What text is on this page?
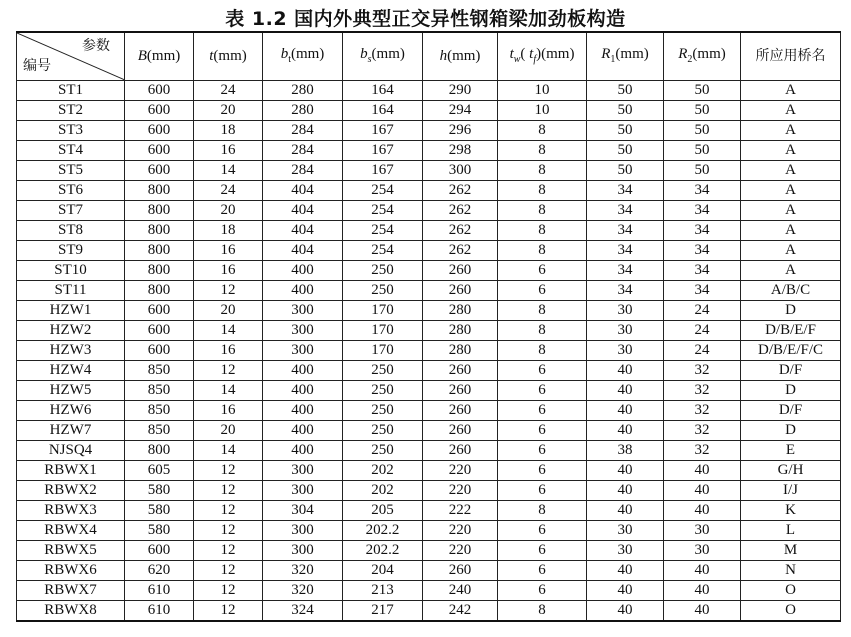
表 1.2 国内外典型正交异性钢箱梁加劲板构造
参数
编号	B(mm)	t(mm)	$b_t(mm)$	$b_s(mm)$	h(mm)	$t_w$( $t_f)(mm)$	$R_1(mm)$	$R_2(mm)$	所应用桥名
ST1	600	24	280	164	290	10	50	50	A
ST2	600	20	280	164	294	10	50	50	A
ST3	600	18	284	167	296	8	50	50	A
ST4	600	16	284	167	298	8	50	50	A
ST5	600	14	284	167	300	8	50	50	A
ST6	800	24	404	254	262	8	34	34	A
ST7	800	20	404	254	262	8	34	34	A
ST8	800	18	404	254	262	8	34	34	A
ST9	800	16	404	254	262	8	34	34	A
ST10	800	16	400	250	260	6	34	34	A
ST11	800	12	400	250	260	6	34	34	A/B/C
HZW1	600	20	300	170	280	8	30	24	D
HZW2	600	14	300	170	280	8	30	24	D/B/E/F
HZW3	600	16	300	170	280	8	30	24	D/B/E/F/C
HZW4	850	12	400	250	260	6	40	32	D/F
HZW5	850	14	400	250	260	6	40	32	D
HZW6	850	16	400	250	260	6	40	32	D/F
HZW7	850	20	400	250	260	6	40	32	D
NJSQ4	800	14	400	250	260	6	38	32	E
RBWX1	605	12	300	202	220	6	40	40	G/H
RBWX2	580	12	300	202	220	6	40	40	I/J
RBWX3	580	12	304	205	222	8	40	40	K
RBWX4	580	12	300	202.2	220	6	30	30	L
RBWX5	600	12	300	202.2	220	6	30	30	M
RBWX6	620	12	320	204	260	6	40	40	N
RBWX7	610	12	320	213	240	6	40	40	O
RBWX8	610	12	324	217	242	8	40	40	O
